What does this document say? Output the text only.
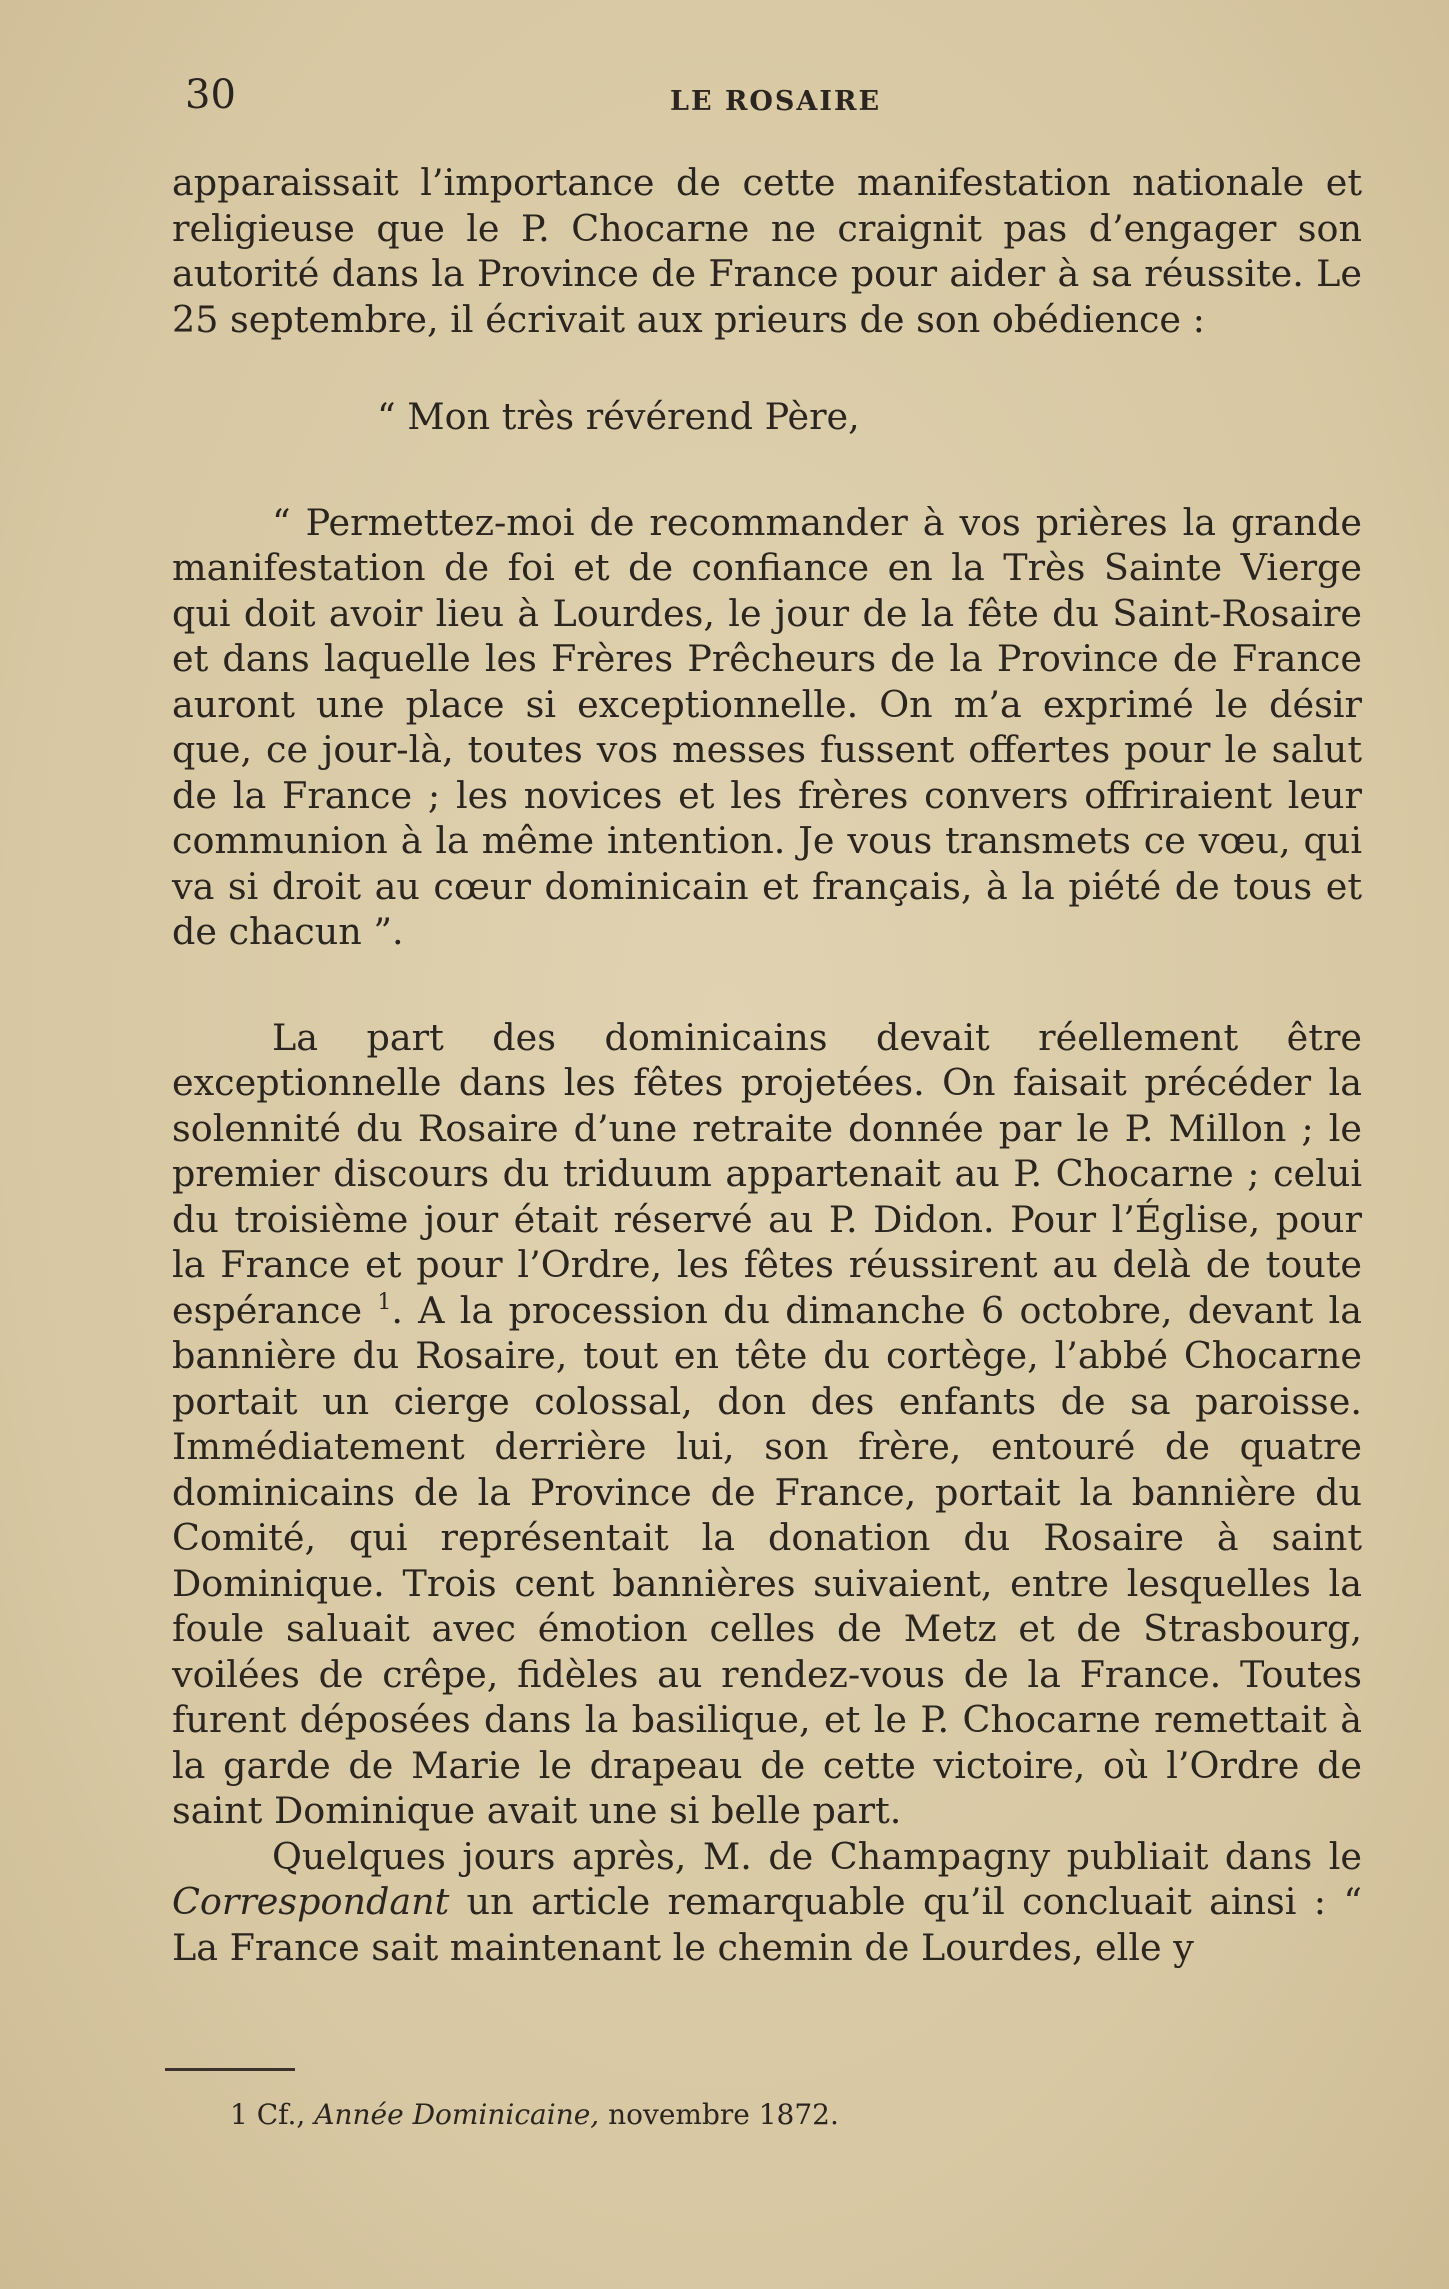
30	LE ROSAIRE

apparaissait l’importance de cette manifestation nationale et religieuse que le P. Chocarne ne craignit pas d’engager son autorité dans la Province de France pour aider à sa réussite. Le 25 septembre, il écrivait aux prieurs de son obédience :

“ Mon très révérend Père,

“ Permettez-moi de recommander à vos prières la grande manifestation de foi et de confiance en la Très Sainte Vierge qui doit avoir lieu à Lourdes, le jour de la fête du Saint-Rosaire et dans laquelle les Frères Prêcheurs de la Province de France auront une place si exceptionnelle. On m’a exprimé le désir que, ce jour-là, toutes vos messes fussent offertes pour le salut de la France ; les novices et les frères convers offriraient leur communion à la même intention. Je vous transmets ce vœu, qui va si droit au cœur dominicain et français, à la piété de tous et de chacun ”.

La part des dominicains devait réellement être exceptionnelle dans les fêtes projetées. On faisait précéder la solennité du Rosaire d’une retraite donnée par le P. Millon ; le premier discours du triduum appartenait au P. Chocarne ; celui du troisième jour était réservé au P. Didon. Pour l’Église, pour la France et pour l’Ordre, les fêtes réussirent au delà de toute espérance $^1$. A la procession du dimanche 6 octobre, devant la bannière du Rosaire, tout en tête du cortège, l’abbé Chocarne portait un cierge colossal, don des enfants de sa paroisse. Immédiatement derrière lui, son frère, entouré de quatre dominicains de la Province de France, portait la bannière du Comité, qui représentait la donation du Rosaire à saint Dominique. Trois cent bannières suivaient, entre lesquelles la foule saluait avec émotion celles de Metz et de Strasbourg, voilées de crêpe, fidèles au rendez-vous de la France. Toutes furent déposées dans la basilique, et le P. Chocarne remettait à la garde de Marie le drapeau de cette victoire, où l’Ordre de saint Dominique avait une si belle part.

Quelques jours après, M. de Champagny publiait dans le Correspondant un article remarquable qu’il concluait ainsi : “ La France sait maintenant le chemin de Lourdes, elle y

1 Cf., Année Dominicaine, novembre 1872.
